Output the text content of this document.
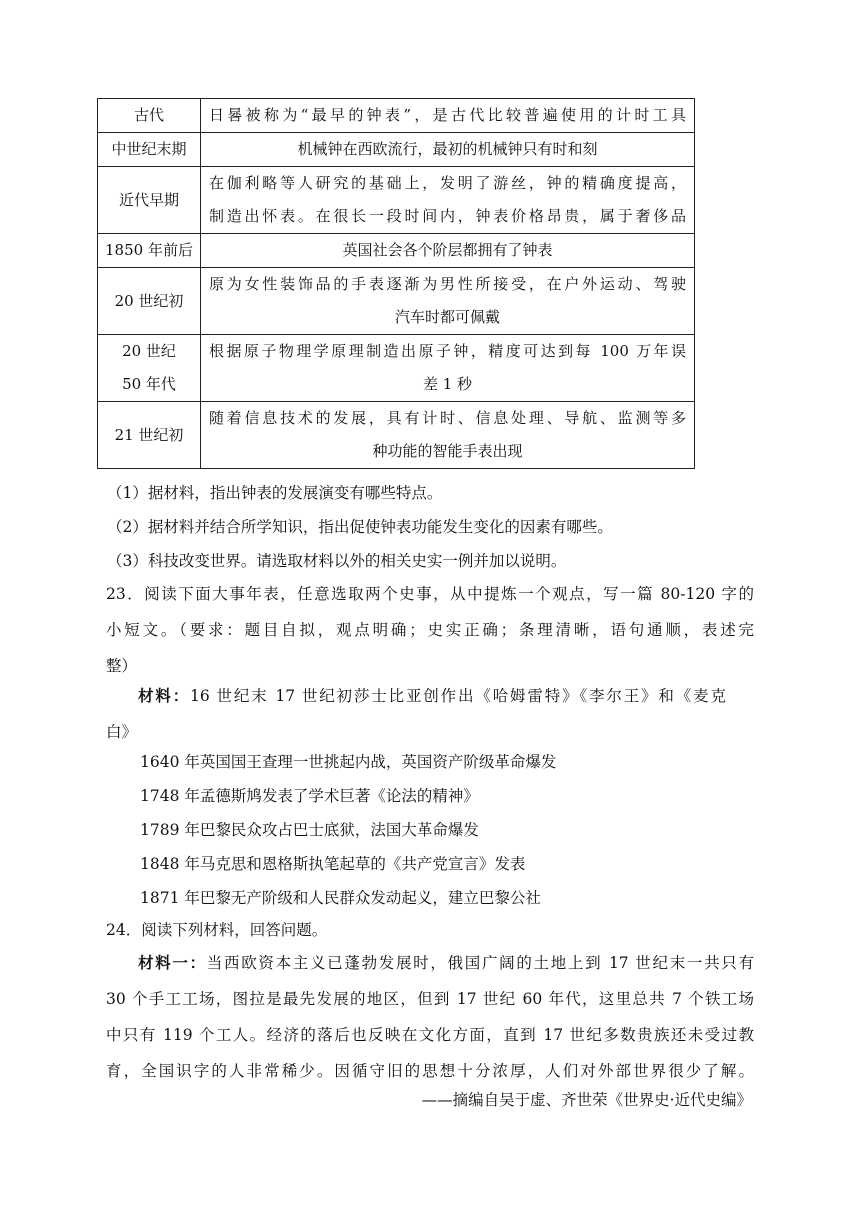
古代	日晷被称为“最早的钟表”，是古代比较普遍使用的计时工具

中世纪末期	机械钟在西欧流行，最初的机械钟只有时和刻

近代早期	在伽利略等人研究的基础上，发明了游丝，钟的精确度提高，
制造出怀表。在很长一段时间内，钟表价格昂贵，属于奢侈品

1850 年前后	英国社会各个阶层都拥有了钟表

20 世纪初	原为女性装饰品的手表逐渐为男性所接受，在户外运动、驾驶
汽车时都可佩戴

20 世纪 50 年代	根据原子物理学原理制造出原子钟，精度可达到每 100 万年误
差 1 秒

21 世纪初	随着信息技术的发展，具有计时、信息处理、导航、监测等多
种功能的智能手表出现
（1）据材料，指出钟表的发展演变有哪些特点。
（2）据材料并结合所学知识，指出促使钟表功能发生变化的因素有哪些。
（3）科技改变世界。请选取材料以外的相关史实一例并加以说明。
23．阅读下面大事年表，任意选取两个史事，从中提炼一个观点，写一篇 80-120 字的
小短文。（要求：题目自拟，观点明确；史实正确；条理清晰，语句通顺，表述完
整）
材料：16 世纪末 17 世纪初莎士比亚创作出《哈姆雷特》《李尔王》和《麦克
白》
1640 年英国国王查理一世挑起内战，英国资产阶级革命爆发
1748 年孟德斯鸠发表了学术巨著《论法的精神》
1789 年巴黎民众攻占巴士底狱，法国大革命爆发
1848 年马克思和恩格斯执笔起草的《共产党宣言》发表
1871 年巴黎无产阶级和人民群众发动起义，建立巴黎公社
24．阅读下列材料，回答问题。
材料一：当西欧资本主义已蓬勃发展时，俄国广阔的土地上到 17 世纪末一共只有
30 个手工工场，图拉是最先发展的地区，但到 17 世纪 60 年代，这里总共 7 个铁工场
中只有 119 个工人。经济的落后也反映在文化方面，直到 17 世纪多数贵族还未受过教
育，全国识字的人非常稀少。因循守旧的思想十分浓厚，人们对外部世界很少了解。
——摘编自吴于虚、齐世荣《世界史·近代史编》
